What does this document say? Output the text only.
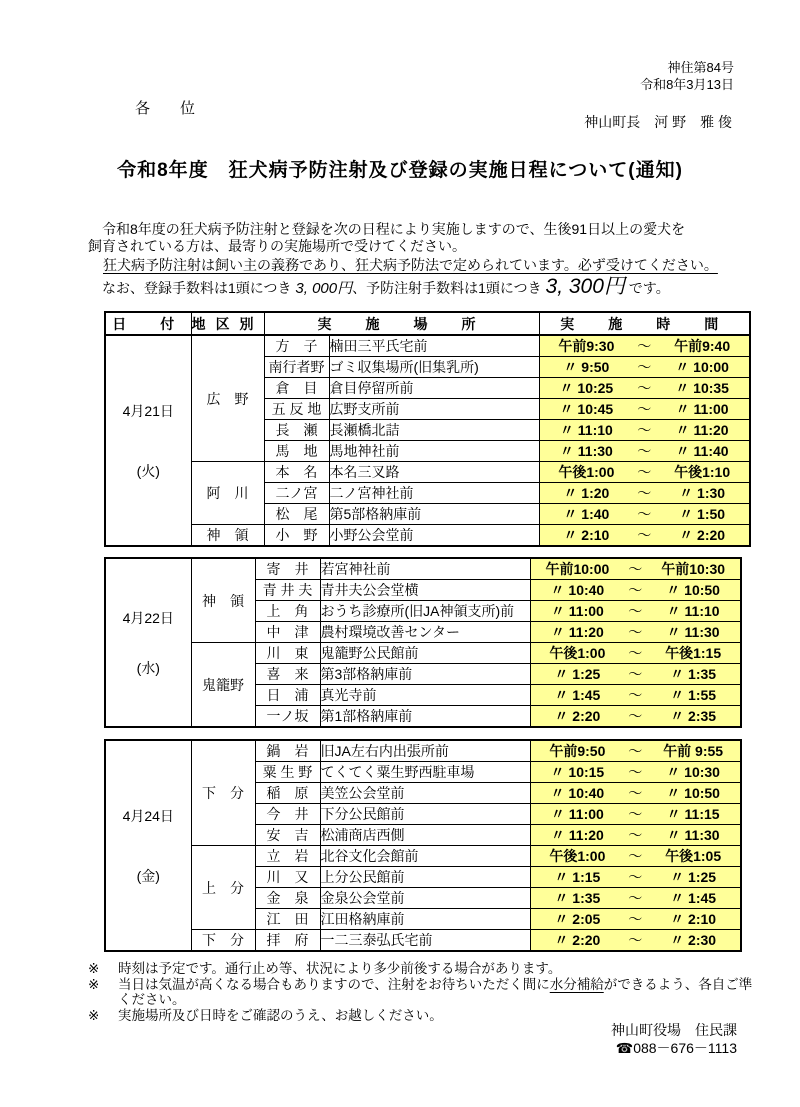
神住第84号
令和8年3月13日
各　　位
神山町長　河 野　雅 俊
令和8年度　狂犬病予防注射及び登録の実施日程について(通知)
　令和8年度の狂犬病予防注射と登録を次の日程により実施しますので、生後91日以上の愛犬を
飼育されている方は、最寄りの実施場所で受けてください。
狂犬病予防注射は飼い主の義務であり、狂犬病予防法で定められています。必ず受けてください。
　なお、登録手数料は1頭につき 3, 000円、予防注射手数料は1頭につき 3, 300円 です。
日　付	地区別	実　施　場　所		実　施　時　間

4月21日
(火)
	広　野	方　子	楠田三平氏宅前	午前9:30	～	午前9:40

		南行者野	ゴミ収集場所(旧集乳所)	〃 9:50 ～ 〃 10:00

		倉　目	倉目停留所前	〃 10:25 ～ 〃 10:35

		五 反 地	広野支所前	〃 10:45 ～ 〃 11:00

		長　瀬	長瀬橋北詰	〃 11:10 ～ 〃 11:20

		馬　地	馬地神社前	〃 11:30 ～ 〃 11:40

	阿　川	本　名	本名三叉路	午後1:00 ～ 午後1:10

		二ノ宮	二ノ宮神社前	〃 1:20 ～ 〃 1:30

		松　尾	第5部格納庫前	〃 1:40 ～ 〃 1:50

	神　領	小　野	小野公会堂前	〃 2:10 ～ 〃 2:20
4月22日
(水)
	神　領	寄　井	若宮神社前	午前10:00	～	午前10:30

		青 井 夫	青井夫公会堂横	〃 10:40 ～ 〃 10:50

		上　角	おうち診療所(旧JA神領支所)前	〃 11:00 ～ 〃 11:10

		中　津	農村環境改善センター	〃 11:20 ～ 〃 11:30

	鬼籠野	川　東	鬼籠野公民館前	午後1:00 ～ 午後1:15

		喜　来	第3部格納庫前	〃 1:25 ～ 〃 1:35

		日　浦	真光寺前	〃 1:45 ～ 〃 1:55

		一ノ坂	第1部格納庫前	〃 2:20 ～ 〃 2:35
4月24日
(金)
	下　分	鍋　岩	旧JA左右内出張所前	午前9:50	～	午前 9:55

		粟 生 野	てくてく粟生野西駐車場	〃 10:15 ～ 〃 10:30

		稲　原	美笠公会堂前	〃 10:40 ～ 〃 10:50

		今　井	下分公民館前	〃 11:00 ～ 〃 11:15

		安　吉	松浦商店西側	〃 11:20 ～ 〃 11:30

	上　分	立　岩	北谷文化会館前	午後1:00 ～ 午後1:05

		川　又	上分公民館前	〃 1:15 ～ 〃 1:25

		金　泉	金泉公会堂前	〃 1:35 ～ 〃 1:45

		江　田	江田格納庫前	〃 2:05 ～ 〃 2:10

	下　分	拝　府	一二三泰弘氏宅前	〃 2:20 ～ 〃 2:30
※	時刻は予定です。通行止め等、状況により多少前後する場合があります。
※	当日は気温が高くなる場合もありますので、注射をお待ちいただく間に水分補給ができるよう、各自ご準
ください。
※	実施場所及び日時をご確認のうえ、お越しください。
神山町役場　住民課
☎088－676－1113
